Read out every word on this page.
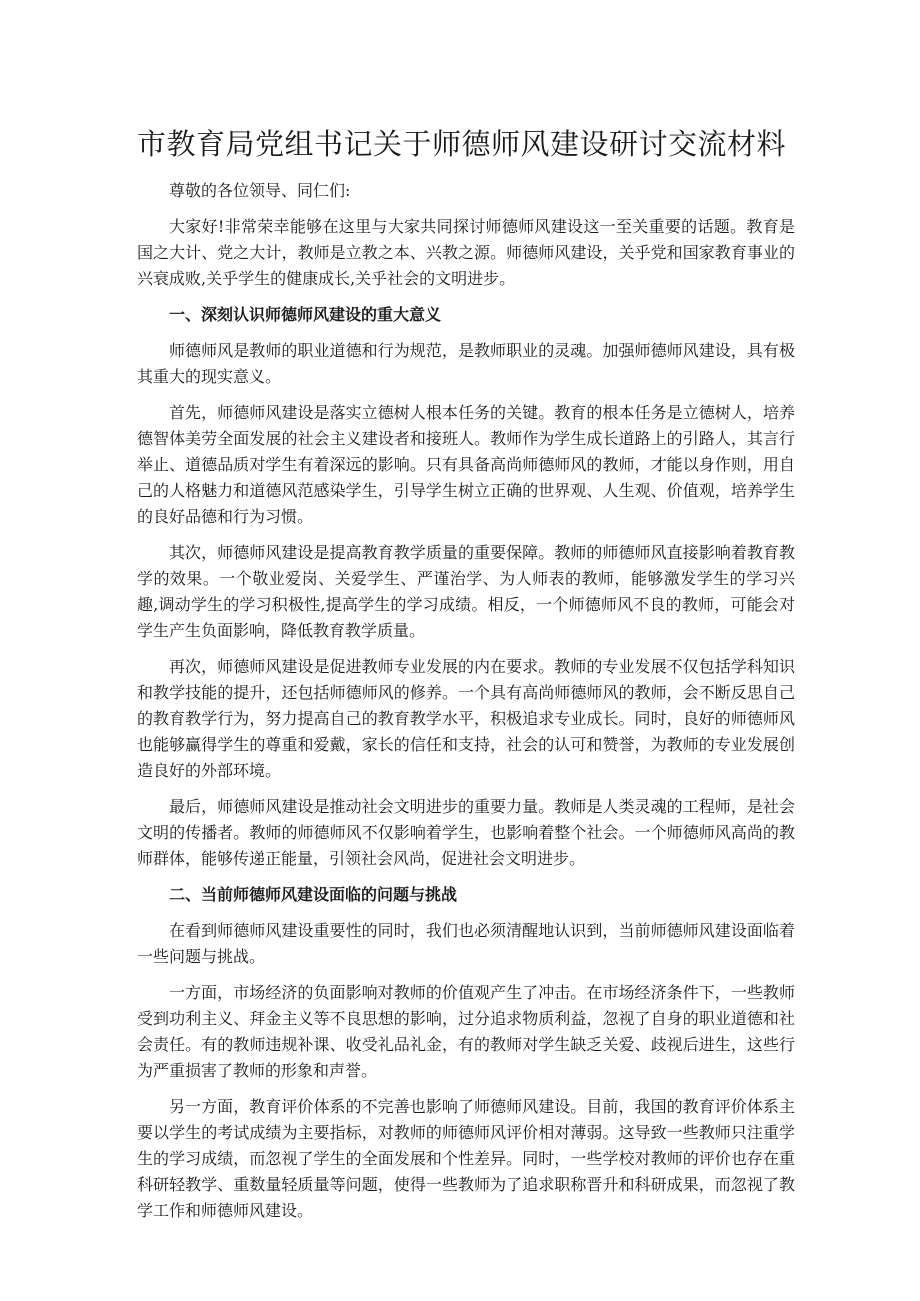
市教育局党组书记关于师德师风建设研讨交流材料

尊敬的各位领导、同仁们:

大家好!非常荣幸能够在这里与大家共同探讨师德师风建设这一至关重要的话题。教育是国之大计、党之大计，教师是立教之本、兴教之源。师德师风建设，关乎党和国家教育事业的兴衰成败,关乎学生的健康成长,关乎社会的文明进步。

一、深刻认识师德师风建设的重大意义

师德师风是教师的职业道德和行为规范，是教师职业的灵魂。加强师德师风建设，具有极其重大的现实意义。

首先，师德师风建设是落实立德树人根本任务的关键。教育的根本任务是立德树人，培养德智体美劳全面发展的社会主义建设者和接班人。教师作为学生成长道路上的引路人，其言行举止、道德品质对学生有着深远的影响。只有具备高尚师德师风的教师，才能以身作则，用自己的人格魅力和道德风范感染学生，引导学生树立正确的世界观、人生观、价值观，培养学生的良好品德和行为习惯。

其次，师德师风建设是提高教育教学质量的重要保障。教师的师德师风直接影响着教育教学的效果。一个敬业爱岗、关爱学生、严谨治学、为人师表的教师，能够激发学生的学习兴趣,调动学生的学习积极性,提高学生的学习成绩。相反，一个师德师风不良的教师，可能会对学生产生负面影响，降低教育教学质量。

再次，师德师风建设是促进教师专业发展的内在要求。教师的专业发展不仅包括学科知识和教学技能的提升，还包括师德师风的修养。一个具有高尚师德师风的教师，会不断反思自己的教育教学行为，努力提高自己的教育教学水平，积极追求专业成长。同时，良好的师德师风也能够赢得学生的尊重和爱戴，家长的信任和支持，社会的认可和赞誉，为教师的专业发展创造良好的外部环境。

最后，师德师风建设是推动社会文明进步的重要力量。教师是人类灵魂的工程师，是社会文明的传播者。教师的师德师风不仅影响着学生，也影响着整个社会。一个师德师风高尚的教师群体，能够传递正能量，引领社会风尚，促进社会文明进步。

二、当前师德师风建设面临的问题与挑战

在看到师德师风建设重要性的同时，我们也必须清醒地认识到，当前师德师风建设面临着一些问题与挑战。

一方面，市场经济的负面影响对教师的价值观产生了冲击。在市场经济条件下，一些教师受到功利主义、拜金主义等不良思想的影响，过分追求物质利益，忽视了自身的职业道德和社会责任。有的教师违规补课、收受礼品礼金，有的教师对学生缺乏关爱、歧视后进生，这些行为严重损害了教师的形象和声誉。

另一方面，教育评价体系的不完善也影响了师德师风建设。目前，我国的教育评价体系主要以学生的考试成绩为主要指标，对教师的师德师风评价相对薄弱。这导致一些教师只注重学生的学习成绩，而忽视了学生的全面发展和个性差异。同时，一些学校对教师的评价也存在重科研轻教学、重数量轻质量等问题，使得一些教师为了追求职称晋升和科研成果，而忽视了教学工作和师德师风建设。
